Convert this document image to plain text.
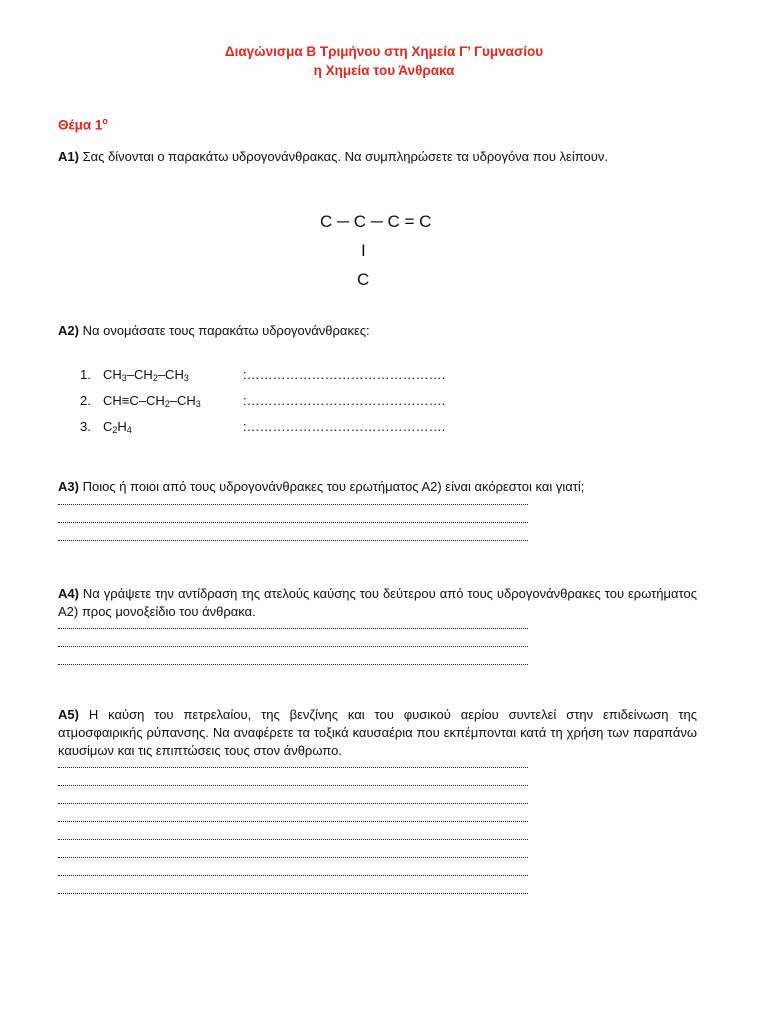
Διαγώνισμα Β Τριμήνου στη Χημεία Γ’ Γυμνασίου
η Χημεία του Άνθρακα
Θέμα $1^o$
Α1) Σας δίνονται ο παρακάτω υδρογονάνθρακας. Να συμπληρώσετε τα υδρογόνα που λείπουν.
C ─ C ─ C = C
I
C
Α2) Να ονομάσατε τους παρακάτω υδρογονάνθρακες:
1. $CH_3-CH_2-CH_3$	:……………………………………….
2. $CH\equiv C-CH_2-CH_3$	:……………………………………….
3. $C_2H_4$	:……………………………………….
Α3) Ποιος ή ποιοι από τους υδρογονάνθρακες του ερωτήματος Α2) είναι ακόρεστοι και γιατί;
Α4) Να γράψετε την αντίδραση της ατελούς καύσης του δεύτερου από τους υδρογονάνθρακες του ερωτήματος Α2) προς μονοξείδιο του άνθρακα.
Α5) Η καύση του πετρελαίου, της βενζίνης και του φυσικού αερίου συντελεί στην επιδείνωση της ατμοσφαιρικής ρύπανσης. Να αναφέρετε τα τοξικά καυσαέρια που εκπέμπονται κατά τη χρήση των παραπάνω καυσίμων και τις επιπτώσεις τους στον άνθρωπο.
